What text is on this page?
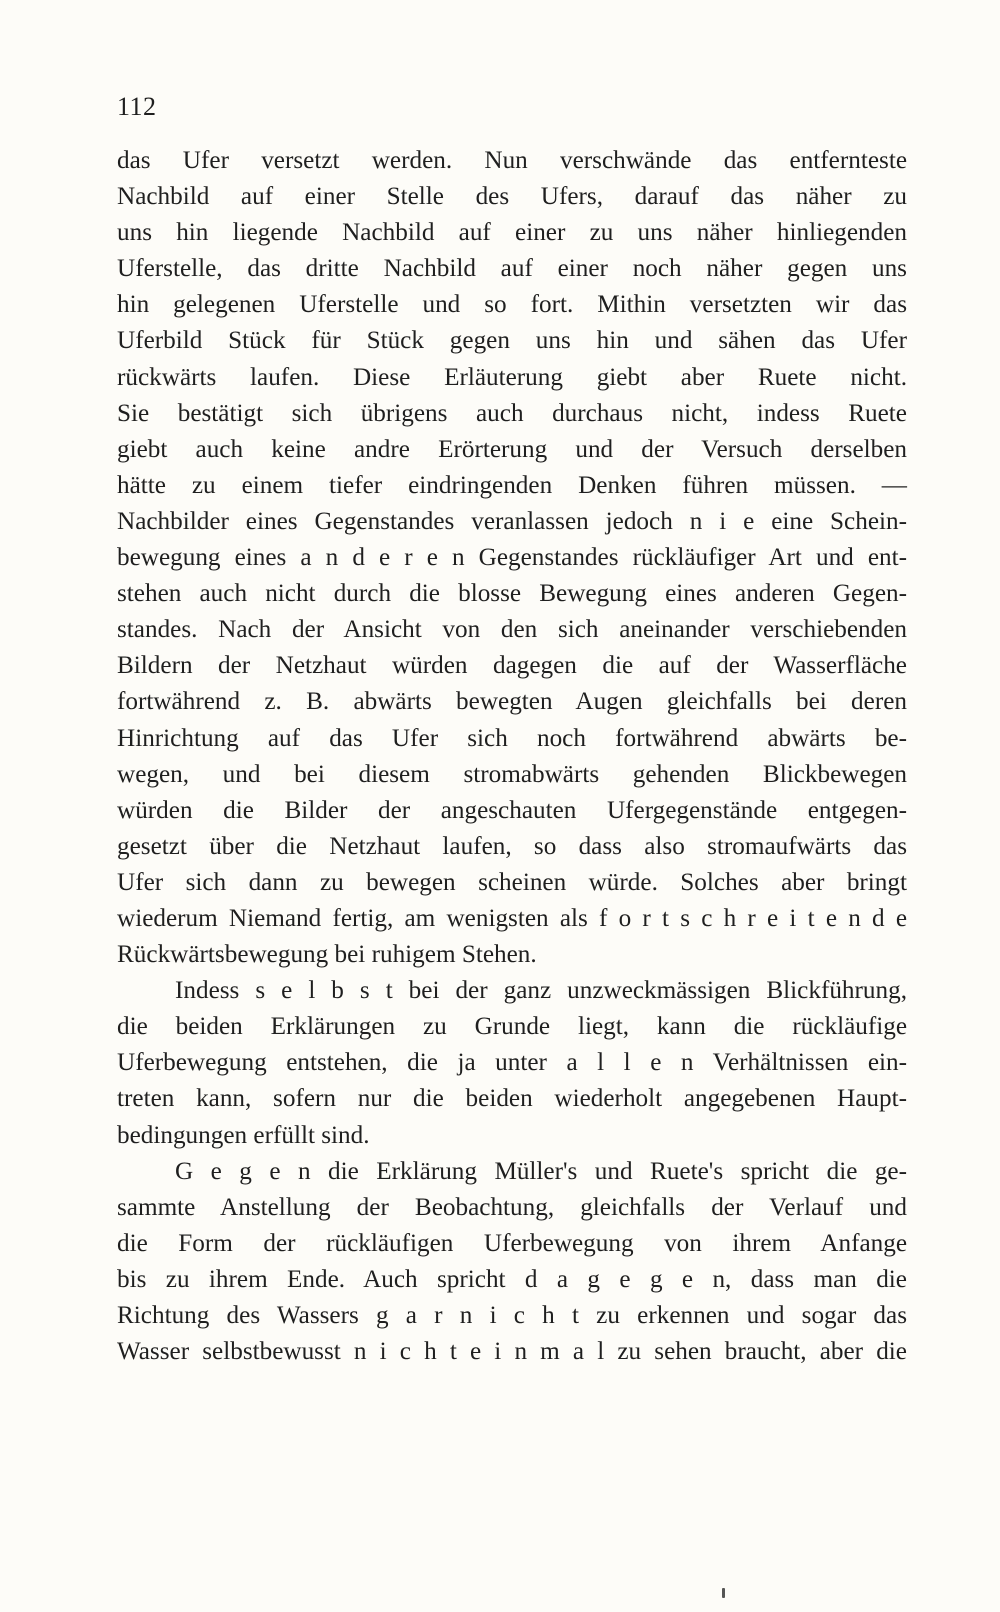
112
das Ufer versetzt werden. Nun verschwände das entfernteste
Nachbild auf einer Stelle des Ufers, darauf das näher zu
uns hin liegende Nachbild auf einer zu uns näher hinliegenden
Uferstelle, das dritte Nachbild auf einer noch näher gegen uns
hin gelegenen Uferstelle und so fort. Mithin versetzten wir das
Uferbild Stück für Stück gegen uns hin und sähen das Ufer
rückwärts laufen. Diese Erläuterung giebt aber Ruete nicht.
Sie bestätigt sich übrigens auch durchaus nicht, indess Ruete
giebt auch keine andre Erörterung und der Versuch derselben
hätte zu einem tiefer eindringenden Denken führen müssen. —
Nachbilder eines Gegenstandes veranlassen jedoch n i e eine Schein-
bewegung eines a n d e r e n Gegenstandes rückläufiger Art und ent-
stehen auch nicht durch die blosse Bewegung eines anderen Gegen-
standes. Nach der Ansicht von den sich aneinander verschiebenden
Bildern der Netzhaut würden dagegen die auf der Wasserfläche
fortwährend z. B. abwärts bewegten Augen gleichfalls bei deren
Hinrichtung auf das Ufer sich noch fortwährend abwärts be-
wegen, und bei diesem stromabwärts gehenden Blickbewegen
würden die Bilder der angeschauten Ufergegenstände entgegen-
gesetzt über die Netzhaut laufen, so dass also stromaufwärts das
Ufer sich dann zu bewegen scheinen würde. Solches aber bringt
wiederum Niemand fertig, am wenigsten als f o r t s c h r e i t e n d e
Rückwärtsbewegung bei ruhigem Stehen.
Indess s e l b s t bei der ganz unzweckmässigen Blickführung,
die beiden Erklärungen zu Grunde liegt, kann die rückläufige
Uferbewegung entstehen, die ja unter a l l e n Verhältnissen ein-
treten kann, sofern nur die beiden wiederholt angegebenen Haupt-
bedingungen erfüllt sind.
G e g e n die Erklärung Müller's und Ruete's spricht die ge-
sammte Anstellung der Beobachtung, gleichfalls der Verlauf und
die Form der rückläufigen Uferbewegung von ihrem Anfange
bis zu ihrem Ende. Auch spricht d a g e g e n, dass man die
Richtung des Wassers g a r n i c h t zu erkennen und sogar das
Wasser selbstbewusst n i c h t e i n m a l zu sehen braucht, aber die
